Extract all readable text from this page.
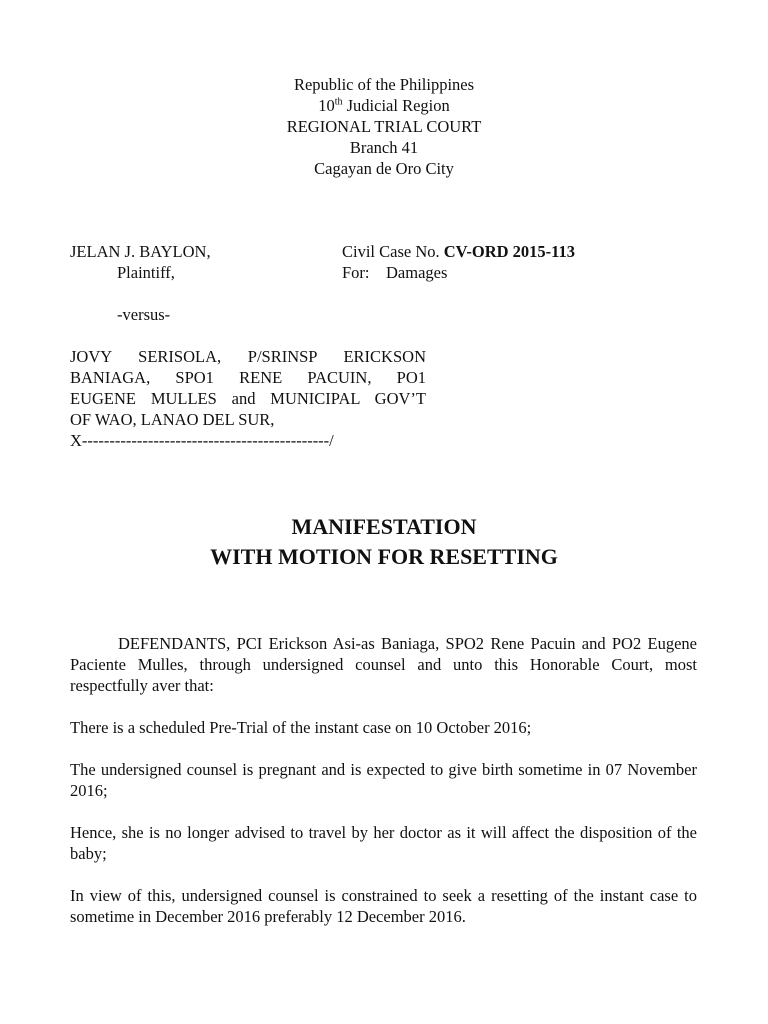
Republic of the Philippines
10th Judicial Region
REGIONAL TRIAL COURT
Branch 41
Cagayan de Oro City
JELAN J. BAYLON,	Civil Case No. CV-ORD 2015-113
Plaintiff,	For: Damages
-versus-
JOVY SERISOLA, P/SRINSP ERICKSON
BANIAGA, SPO1 RENE PACUIN, PO1
EUGENE MULLES and MUNICIPAL GOV’T
OF WAO, LANAO DEL SUR,
X---------------------------------------------/
MANIFESTATION
WITH MOTION FOR RESETTING

DEFENDANTS, PCI Erickson Asi-as Baniaga, SPO2 Rene Pacuin and PO2 Eugene Paciente Mulles, through undersigned counsel and unto this Honorable Court, most respectfully aver that:

There is a scheduled Pre-Trial of the instant case on 10 October 2016;

The undersigned counsel is pregnant and is expected to give birth sometime in 07 November 2016;

Hence, she is no longer advised to travel by her doctor as it will affect the disposition of the baby;

In view of this, undersigned counsel is constrained to seek a resetting of the instant case to sometime in December 2016 preferably 12 December 2016.
